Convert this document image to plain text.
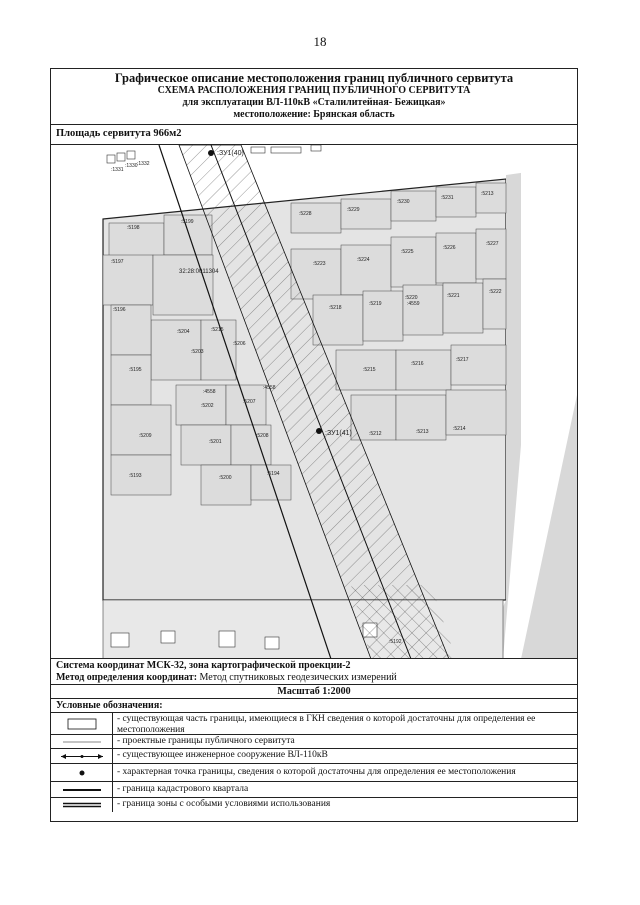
18
Графическое описание местоположения границ публичного сервитута
СХЕМА РАСПОЛОЖЕНИЯ ГРАНИЦ ПУБЛИЧНОГО СЕРВИТУТА
для эксплуатации ВЛ-110кВ «Сталилитейная- Бежицкая»
местоположение: Брянская область
Площадь сервитута 966м2
:ЗУ1(40)
:ЗУ1(41)
32:28:0011304
:5198
:5199
:5228
:5229
:5230
:5231
:5213
:5197	:5223
:5224
:5225
:5226
:5227
:5204	:5215
:5218
:5219
:5220	:5221
:5222
:5196
:5203
:5206
:5195
:4558
:4558
:5202
:5207
:5215
:5216
:5217
:5209
:5201
:5208	:5212	:5213	:5214
:5193	:5200
:5194
:4559
:5192
:1330
:1331
:1332
Система координат МСК-32, зона картографической проекции-2
Метод определения координат: Метод спутниковых геодезических измерений
Масштаб 1:2000
Условные обозначения:
- существующая часть границы, имеющиеся в ГКН сведения о которой достаточны для определения ее местоположения
- проектные границы публичного сервитута
- существующее инженерное сооружение ВЛ-110кВ
- характерная точка границы, сведения о которой достаточны для определения ее местоположения
- граница кадастрового квартала
- граница зоны с особыми условиями использования
